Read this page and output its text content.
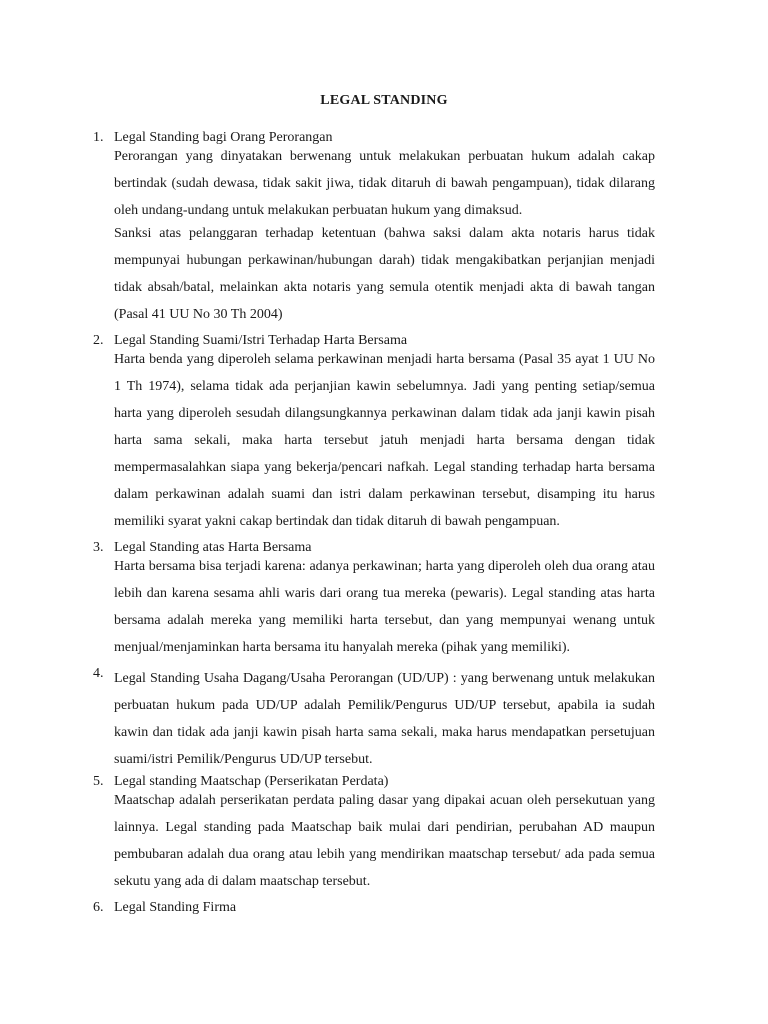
LEGAL STANDING
1. Legal Standing bagi Orang Perorangan

Perorangan yang dinyatakan berwenang untuk melakukan perbuatan hukum adalah cakap bertindak (sudah dewasa, tidak sakit jiwa, tidak ditaruh di bawah pengampuan), tidak dilarang oleh undang-undang untuk melakukan perbuatan hukum yang dimaksud.

Sanksi atas pelanggaran terhadap ketentuan (bahwa saksi dalam akta notaris harus tidak mempunyai hubungan perkawinan/hubungan darah) tidak mengakibatkan perjanjian menjadi tidak absah/batal, melainkan akta notaris yang semula otentik menjadi akta di bawah tangan (Pasal 41 UU No 30 Th 2004)

2. Legal Standing Suami/Istri Terhadap Harta Bersama

Harta benda yang diperoleh selama perkawinan menjadi harta bersama (Pasal 35 ayat 1 UU No 1 Th 1974), selama tidak ada perjanjian kawin sebelumnya. Jadi yang penting setiap/semua harta yang diperoleh sesudah dilangsungkannya perkawinan dalam tidak ada janji kawin pisah harta sama sekali, maka harta tersebut jatuh menjadi harta bersama dengan tidak mempermasalahkan siapa yang bekerja/pencari nafkah. Legal standing terhadap harta bersama dalam perkawinan adalah suami dan istri dalam perkawinan tersebut, disamping itu harus memiliki syarat yakni cakap bertindak dan tidak ditaruh di bawah pengampuan.

3. Legal Standing atas Harta Bersama

Harta bersama bisa terjadi karena: adanya perkawinan; harta yang diperoleh oleh dua orang atau lebih dan karena sesama ahli waris dari orang tua mereka (pewaris). Legal standing atas harta bersama adalah mereka yang memiliki harta tersebut, dan yang mempunyai wenang untuk menjual/menjaminkan harta bersama itu hanyalah mereka (pihak yang memiliki).

4. Legal Standing Usaha Dagang/Usaha Perorangan (UD/UP) : yang berwenang untuk melakukan perbuatan hukum pada UD/UP adalah Pemilik/Pengurus UD/UP tersebut, apabila ia sudah kawin dan tidak ada janji kawin pisah harta sama sekali, maka harus mendapatkan persetujuan suami/istri Pemilik/Pengurus UD/UP tersebut.

5. Legal standing Maatschap (Perserikatan Perdata)

Maatschap adalah perserikatan perdata paling dasar yang dipakai acuan oleh persekutuan yang lainnya. Legal standing pada Maatschap baik mulai dari pendirian, perubahan AD maupun pembubaran adalah dua orang atau lebih yang mendirikan maatschap tersebut/ ada pada semua sekutu yang ada di dalam maatschap tersebut.

6. Legal Standing Firma
